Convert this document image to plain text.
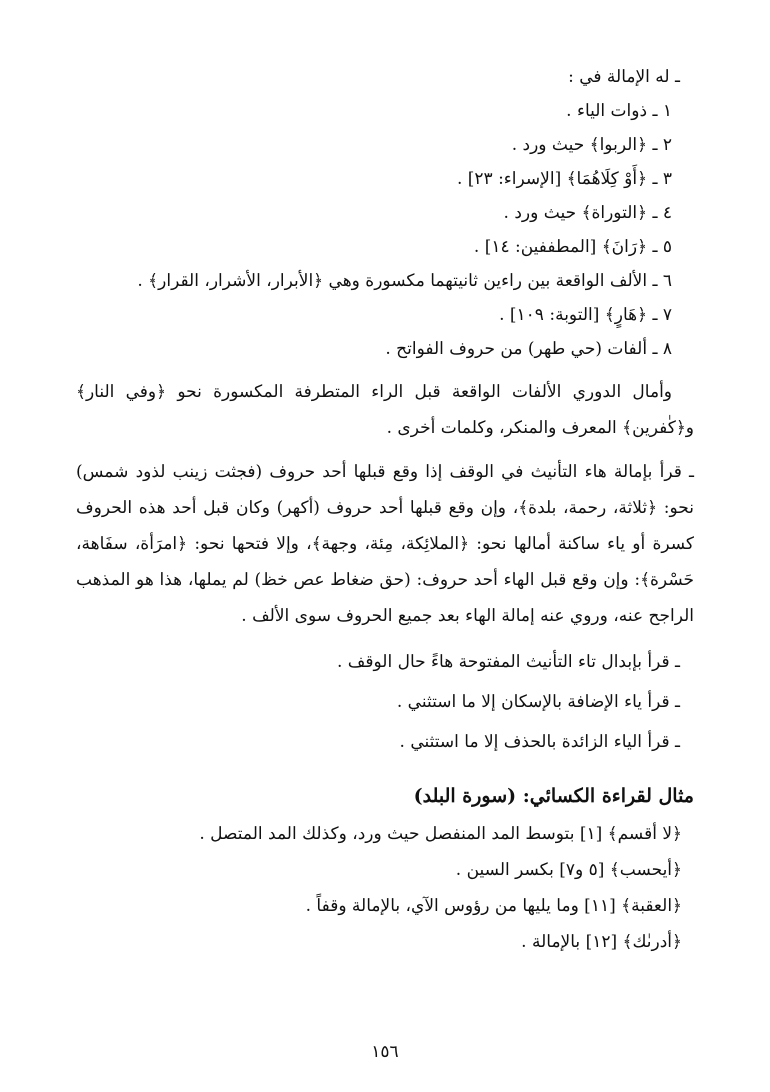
ـ له الإمالة في :

١ ـ ذوات الياء .

٢ ـ ﴿الربوا﴾ حيث ورد .

٣ ـ ﴿أَوْ كِلَاهُمَا﴾ [الإسراء: ٢٣] .

٤ ـ ﴿التوراة﴾ حيث ورد .

٥ ـ ﴿رَانَ﴾ [المطففين: ١٤] .

٦ ـ الألف الواقعة بين راءين ثانيتهما مكسورة وهي ﴿الأبرار، الأشرار، القرار﴾ .

٧ ـ ﴿هَارٍ﴾ [التوبة: ١٠٩] .

٨ ـ ألفات (حي طهر) من حروف الفواتح .

وأمال الدوري الألفات الواقعة قبل الراء المتطرفة المكسورة نحو ﴿وفي النار﴾ و﴿كٰفرين﴾ المعرف والمنكر، وكلمات أخرى .

ـ قرأ بإمالة هاء التأنيث في الوقف إذا وقع قبلها أحد حروف (فجثت زينب لذود شمس) نحو: ﴿ثلاثة، رحمة، بلدة﴾، وإن وقع قبلها أحد حروف (أكهر) وكان قبل أحد هذه الحروف كسرة أو ياء ساكنة أمالها نحو: ﴿الملائِكة، مِئة، وجهة﴾، وإلا فتحها نحو: ﴿امرَأة، سفَاهة، حَسْرة﴾: وإن وقع قبل الهاء أحد حروف: (حق ضغاط عص خظ) لم يملها، هذا هو المذهب الراجح عنه، وروي عنه إمالة الهاء بعد جميع الحروف سوى الألف .

ـ قرأ بإبدال تاء التأنيث المفتوحة هاءً حال الوقف .

ـ قرأ ياء الإضافة بالإسكان إلا ما استثني .

ـ قرأ الياء الزائدة بالحذف إلا ما استثني .

مثال لقراءة الكسائي: (سورة البلد)

﴿لا أقسم﴾ [١] بتوسط المد المنفصل حيث ورد، وكذلك المد المتصل .

﴿أيحسب﴾ [٥ و٧] بكسر السين .

﴿العقبة﴾ [١١] وما يليها من رؤوس الآي، بالإمالة وقفاً .

﴿أدرىٰك﴾ [١٢] بالإمالة .

١٥٦
